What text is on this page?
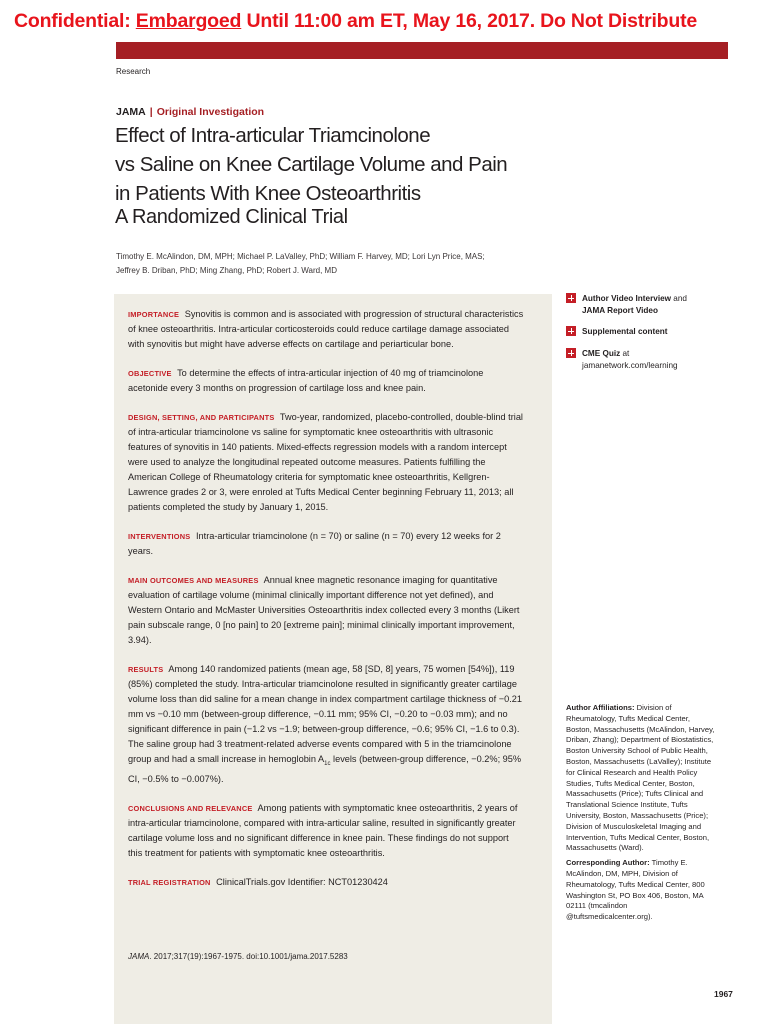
Confidential: Embargoed Until 11:00 am ET, May 16, 2017. Do Not Distribute
Research
JAMA | Original Investigation
Effect of Intra-articular Triamcinolone
vs Saline on Knee Cartilage Volume and Pain
in Patients With Knee Osteoarthritis
A Randomized Clinical Trial
Timothy E. McAlindon, DM, MPH; Michael P. LaValley, PhD; William F. Harvey, MD; Lori Lyn Price, MAS;
Jeffrey B. Driban, PhD; Ming Zhang, PhD; Robert J. Ward, MD

IMPORTANCE Synovitis is common and is associated with progression of structural characteristics of knee osteoarthritis. Intra-articular corticosteroids could reduce cartilage damage associated with synovitis but might have adverse effects on cartilage and periarticular bone.

OBJECTIVE To determine the effects of intra-articular injection of 40 mg of triamcinolone acetonide every 3 months on progression of cartilage loss and knee pain.

DESIGN, SETTING, AND PARTICIPANTS Two-year, randomized, placebo-controlled, double-blind trial of intra-articular triamcinolone vs saline for symptomatic knee osteoarthritis with ultrasonic features of synovitis in 140 patients. Mixed-effects regression models with a random intercept were used to analyze the longitudinal repeated outcome measures. Patients fulfilling the American College of Rheumatology criteria for symptomatic knee osteoarthritis, Kellgren-Lawrence grades 2 or 3, were enroled at Tufts Medical Center beginning February 11, 2013; all patients completed the study by January 1, 2015.

INTERVENTIONS Intra-articular triamcinolone (n = 70) or saline (n = 70) every 12 weeks for 2 years.

MAIN OUTCOMES AND MEASURES Annual knee magnetic resonance imaging for quantitative evaluation of cartilage volume (minimal clinically important difference not yet defined), and Western Ontario and McMaster Universities Osteoarthritis index collected every 3 months (Likert pain subscale range, 0 [no pain] to 20 [extreme pain]; minimal clinically important improvement, 3.94).

RESULTS Among 140 randomized patients (mean age, 58 [SD, 8] years, 75 women [54%]), 119 (85%) completed the study. Intra-articular triamcinolone resulted in significantly greater cartilage volume loss than did saline for a mean change in index compartment cartilage thickness of −0.21 mm vs −0.10 mm (between-group difference, −0.11 mm; 95% CI, −0.20 to −0.03 mm); and no significant difference in pain (−1.2 vs −1.9; between-group difference, −0.6; 95% CI, −1.6 to 0.3). The saline group had 3 treatment-related adverse events compared with 5 in the triamcinolone group and had a small increase in hemoglobin $A_{1c}$ levels (between-group difference, −0.2%; 95% CI, −0.5% to −0.007%).

CONCLUSIONS AND RELEVANCE Among patients with symptomatic knee osteoarthritis, 2 years of intra-articular triamcinolone, compared with intra-articular saline, resulted in significantly greater cartilage volume loss and no significant difference in knee pain. These findings do not support this treatment for patients with symptomatic knee osteoarthritis.

TRIAL REGISTRATION ClinicalTrials.gov Identifier: NCT01230424

JAMA. 2017;317(19):1967-1975. doi:10.1001/jama.2017.5283
Author Video Interview and
JAMA Report Video
Supplemental content
CME Quiz at
jamanetwork.com/learning
Author Affiliations: Division of Rheumatology, Tufts Medical Center, Boston, Massachusetts (McAlindon, Harvey, Driban, Zhang); Department of Biostatistics, Boston University School of Public Health, Boston, Massachusetts (LaValley); Institute for Clinical Research and Health Policy Studies, Tufts Medical Center, Boston, Massachusetts (Price); Tufts Clinical and Translational Science Institute, Tufts University, Boston, Massachusetts (Price); Division of Musculoskeletal Imaging and Intervention, Tufts Medical Center, Boston, Massachusetts (Ward).
Corresponding Author: Timothy E. McAlindon, DM, MPH, Division of Rheumatology, Tufts Medical Center, 800 Washington St, PO Box 406, Boston, MA 02111 (tmcalindon @tuftsmedicalcenter.org).
1967
